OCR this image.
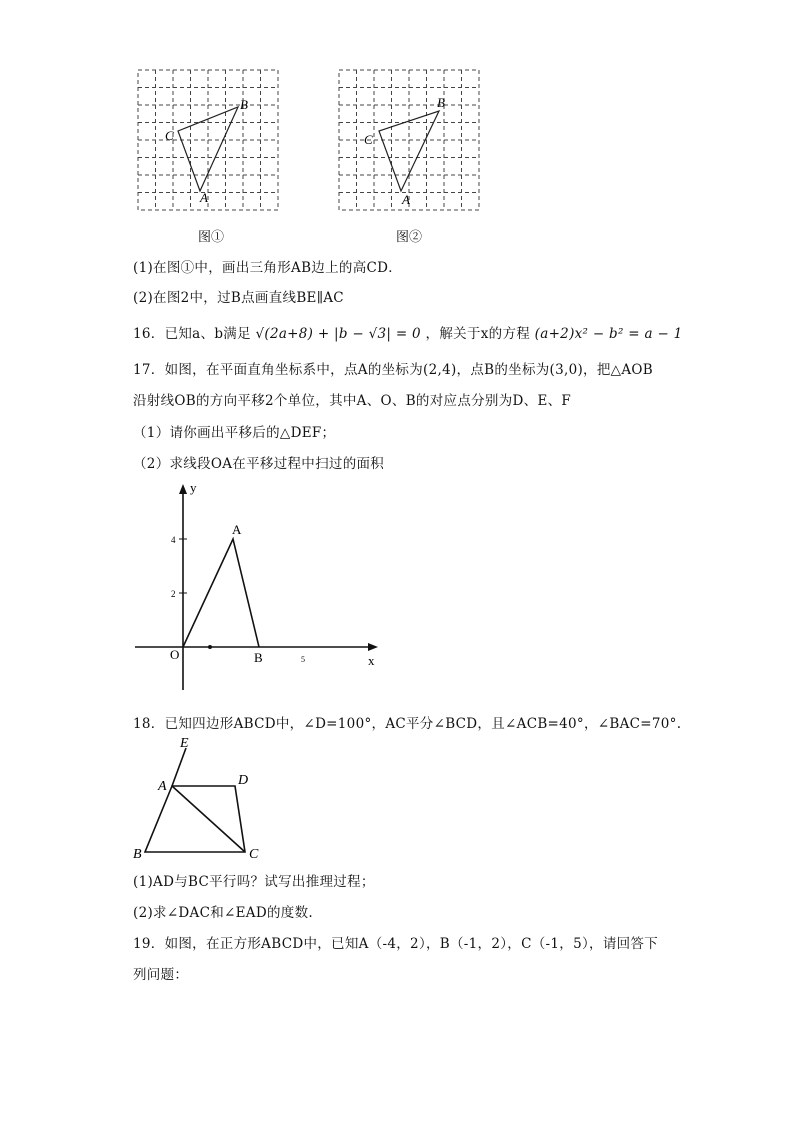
B
C
A
图①
B
C
A
图②
(1)在图①中，画出三角形AB边上的高CD．
(2)在图2中，过B点画直线BE∥AC
16．已知a、b满足 √(2a+8) + |b − √3| = 0 ，解关于x的方程 (a+2)x² − b² = a − 1
17．如图，在平面直角坐标系中，点A的坐标为(2,4)，点B的坐标为(3,0)，把△AOB
沿射线OB的方向平移2个单位，其中A、O、B的对应点分别为D、E、F
（1）请你画出平移后的△DEF；
（2）求线段OA在平移过程中扫过的面积
y
x
O
4
2
5
A
B
18．已知四边形ABCD中，∠D=100°，AC平分∠BCD，且∠ACB=40°，∠BAC=70°.
E
A	D
B	C
(1)AD与BC平行吗？试写出推理过程；
(2)求∠DAC和∠EAD的度数.
19．如图，在正方形ABCD中，已知A（-4，2），B（-1，2），C（-1，5），请回答下
列问题：
